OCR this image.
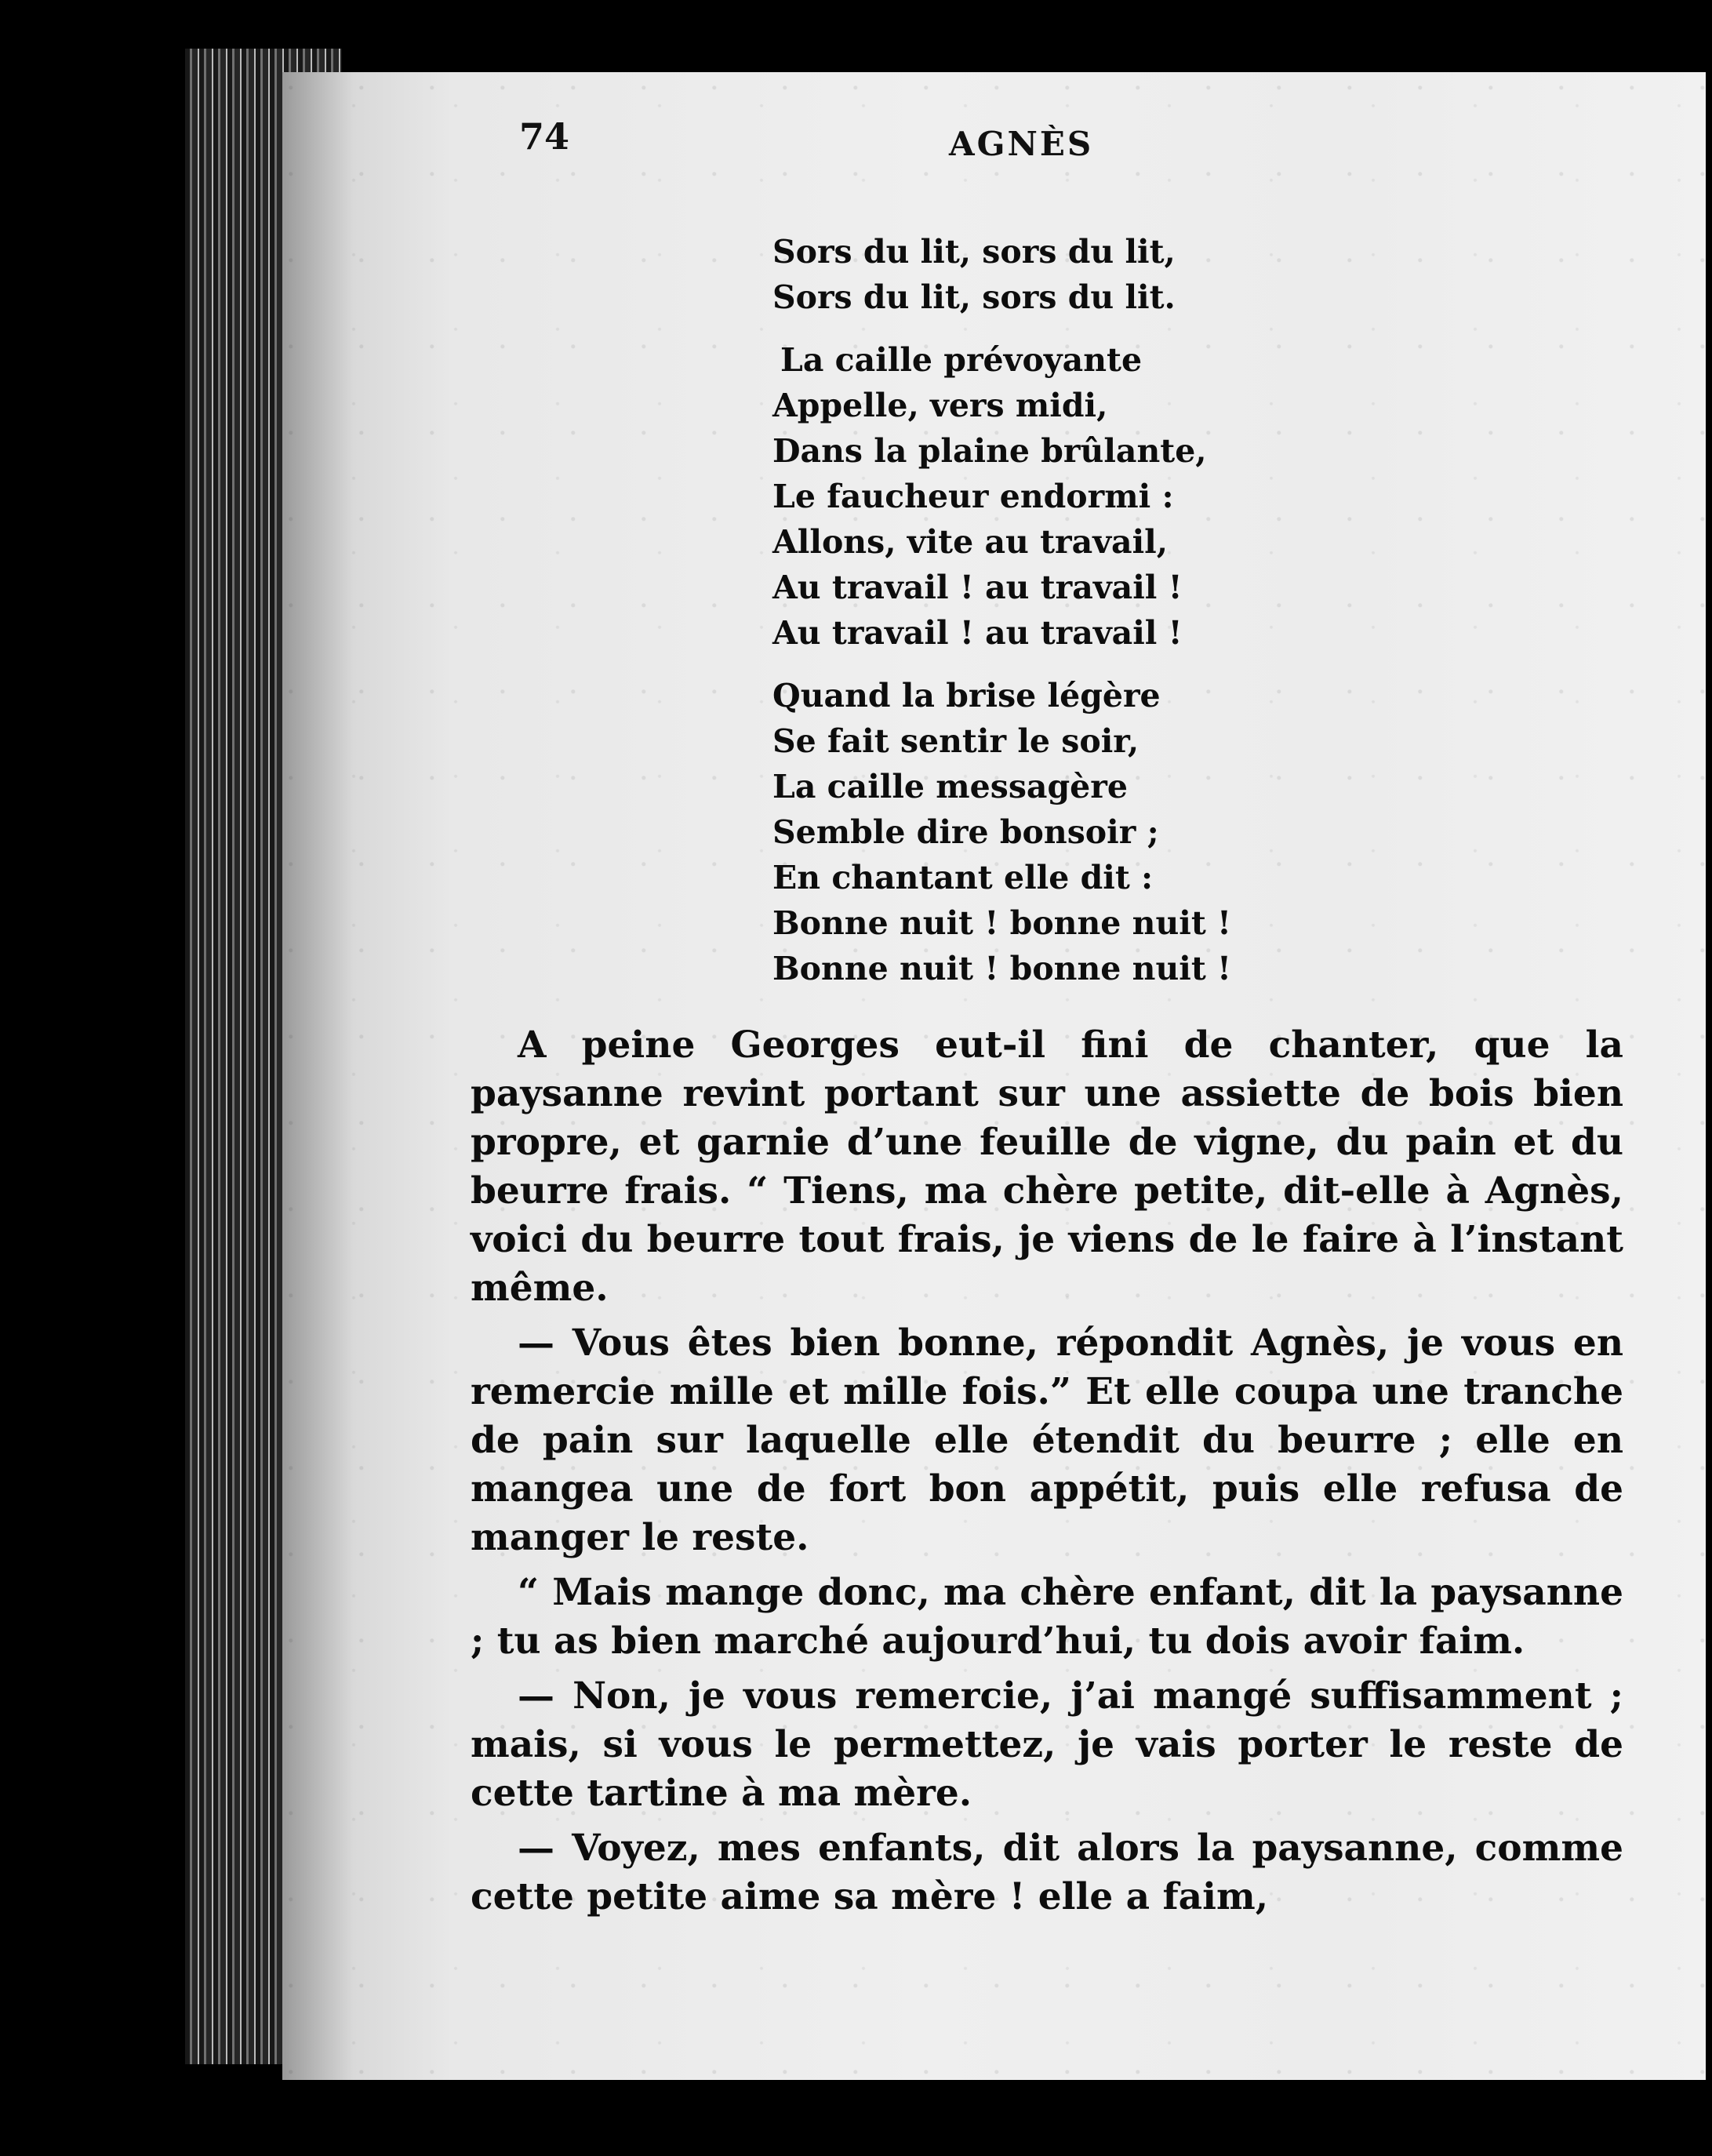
74	AGNÈS
Sors du lit, sors du lit,
Sors du lit, sors du lit.
La caille prévoyante
Appelle, vers midi,
Dans la plaine brûlante,
Le faucheur endormi :
Allons, vite au travail,
Au travail ! au travail !
Au travail ! au travail !
Quand la brise légère
Se fait sentir le soir,
La caille messagère
Semble dire bonsoir ;
En chantant elle dit :
Bonne nuit ! bonne nuit !
Bonne nuit ! bonne nuit !

A peine Georges eut-il fini de chanter, que la paysanne revint portant sur une assiette de bois bien propre, et garnie d’une feuille de vigne, du pain et du beurre frais. “ Tiens, ma chère petite, dit-elle à Agnès, voici du beurre tout frais, je viens de le faire à l’instant même.

— Vous êtes bien bonne, répondit Agnès, je vous en remercie mille et mille fois.” Et elle coupa une tranche de pain sur laquelle elle étendit du beurre ; elle en mangea une de fort bon appétit, puis elle refusa de manger le reste.

“ Mais mange donc, ma chère enfant, dit la paysanne ; tu as bien marché aujourd’hui, tu dois avoir faim.

— Non, je vous remercie, j’ai mangé suffisamment ; mais, si vous le permettez, je vais porter le reste de cette tartine à ma mère.

— Voyez, mes enfants, dit alors la paysanne, comme cette petite aime sa mère ! elle a faim,
